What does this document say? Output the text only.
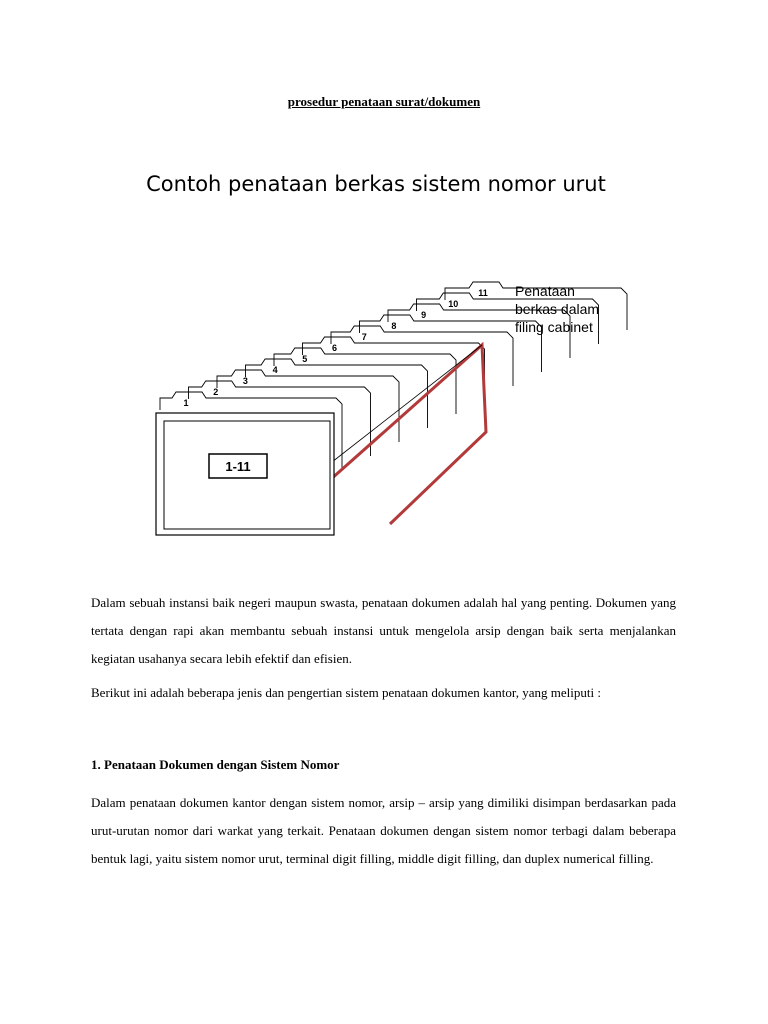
prosedur penataan surat/dokumen

Contoh penataan berkas sistem nomor urut
1-11
11
10
9
8
7
6
5
4
3
2
1
Penataan
berkas dalam
filing cabinet

Dalam sebuah instansi baik negeri maupun swasta, penataan dokumen adalah hal yang penting. Dokumen yang tertata dengan rapi akan membantu sebuah instansi untuk mengelola arsip dengan baik serta menjalankan kegiatan usahanya secara lebih efektif dan efisien.

Berikut ini adalah beberapa jenis dan pengertian sistem penataan dokumen kantor, yang meliputi :

1. Penataan Dokumen dengan Sistem Nomor

Dalam penataan dokumen kantor dengan sistem nomor, arsip – arsip yang dimiliki disimpan berdasarkan pada urut-urutan nomor dari warkat yang terkait. Penataan dokumen dengan sistem nomor terbagi dalam beberapa bentuk lagi, yaitu sistem nomor urut, terminal digit filling, middle digit filling, dan duplex numerical filling.
